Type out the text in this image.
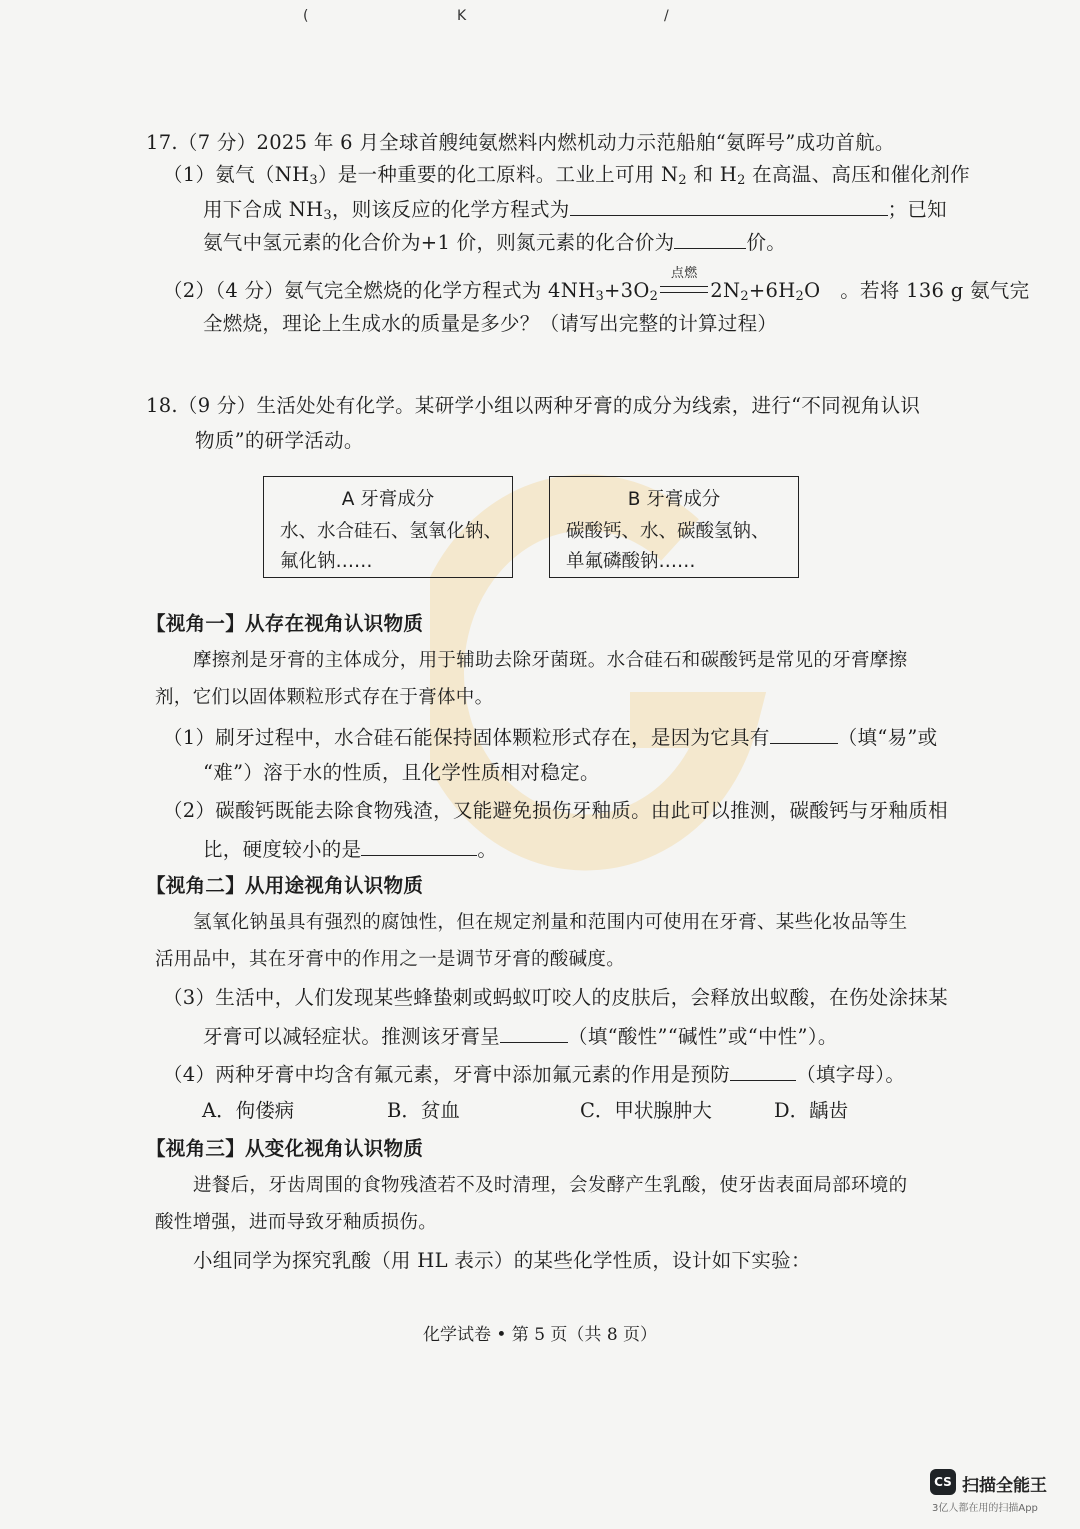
(	K	/
17.（7 分）2025 年 6 月全球首艘纯氨燃料内燃机动力示范船舶“氨晖号”成功首航。
（1）氨气$(NH_3)$是一种重要的化工原料。工业上可用 $N_2$ 和 $H_2$ 在高温、高压和催化剂作
用下合成 $NH_3$，则该反应的化学方程式为	；已知
氨气中氢元素的化合价为+1 价，则氮元素的化合价为	价。
（2）（4 分）氨气完全燃烧的化学方程式为 $4NH_3+3O_2$
点燃
$2N_2+6H_2O$　。若将 136 g 氨气完
全燃烧，理论上生成水的质量是多少？（请写出完整的计算过程）
18.（9 分）生活处处有化学。某研学小组以两种牙膏的成分为线索，进行“不同视角认识
物质”的研学活动。
A 牙膏成分
水、水合硅石、氢氧化钠、
氟化钠……
B 牙膏成分
碳酸钙、水、碳酸氢钠、
单氟磷酸钠……
【视角一】从存在视角认识物质
摩擦剂是牙膏的主体成分，用于辅助去除牙菌斑。水合硅石和碳酸钙是常见的牙膏摩擦
剂，它们以固体颗粒形式存在于膏体中。
（1）刷牙过程中，水合硅石能保持固体颗粒形式存在，是因为它具有	（填“易”或
“难”）溶于水的性质，且化学性质相对稳定。
（2）碳酸钙既能去除食物残渣，又能避免损伤牙釉质。由此可以推测，碳酸钙与牙釉质相
比，硬度较小的是	。
【视角二】从用途视角认识物质
氢氧化钠虽具有强烈的腐蚀性，但在规定剂量和范围内可使用在牙膏、某些化妆品等生
活用品中，其在牙膏中的作用之一是调节牙膏的酸碱度。
（3）生活中，人们发现某些蜂蛰刺或蚂蚁叮咬人的皮肤后，会释放出蚁酸，在伤处涂抹某
牙膏可以减轻症状。推测该牙膏呈	（填“酸性”“碱性”或“中性”）。
（4）两种牙膏中均含有氟元素，牙膏中添加氟元素的作用是预防	（填字母）。
A．佝偻病	B．贫血	C．甲状腺肿大	D．龋齿
【视角三】从变化视角认识物质
进餐后，牙齿周围的食物残渣若不及时清理，会发酵产生乳酸，使牙齿表面局部环境的
酸性增强，进而导致牙釉质损伤。
小组同学为探究乳酸（用 HL 表示）的某些化学性质，设计如下实验：
化学试卷 • 第 5 页（共 8 页）
CS 扫描全能王
3亿人都在用的扫描App
